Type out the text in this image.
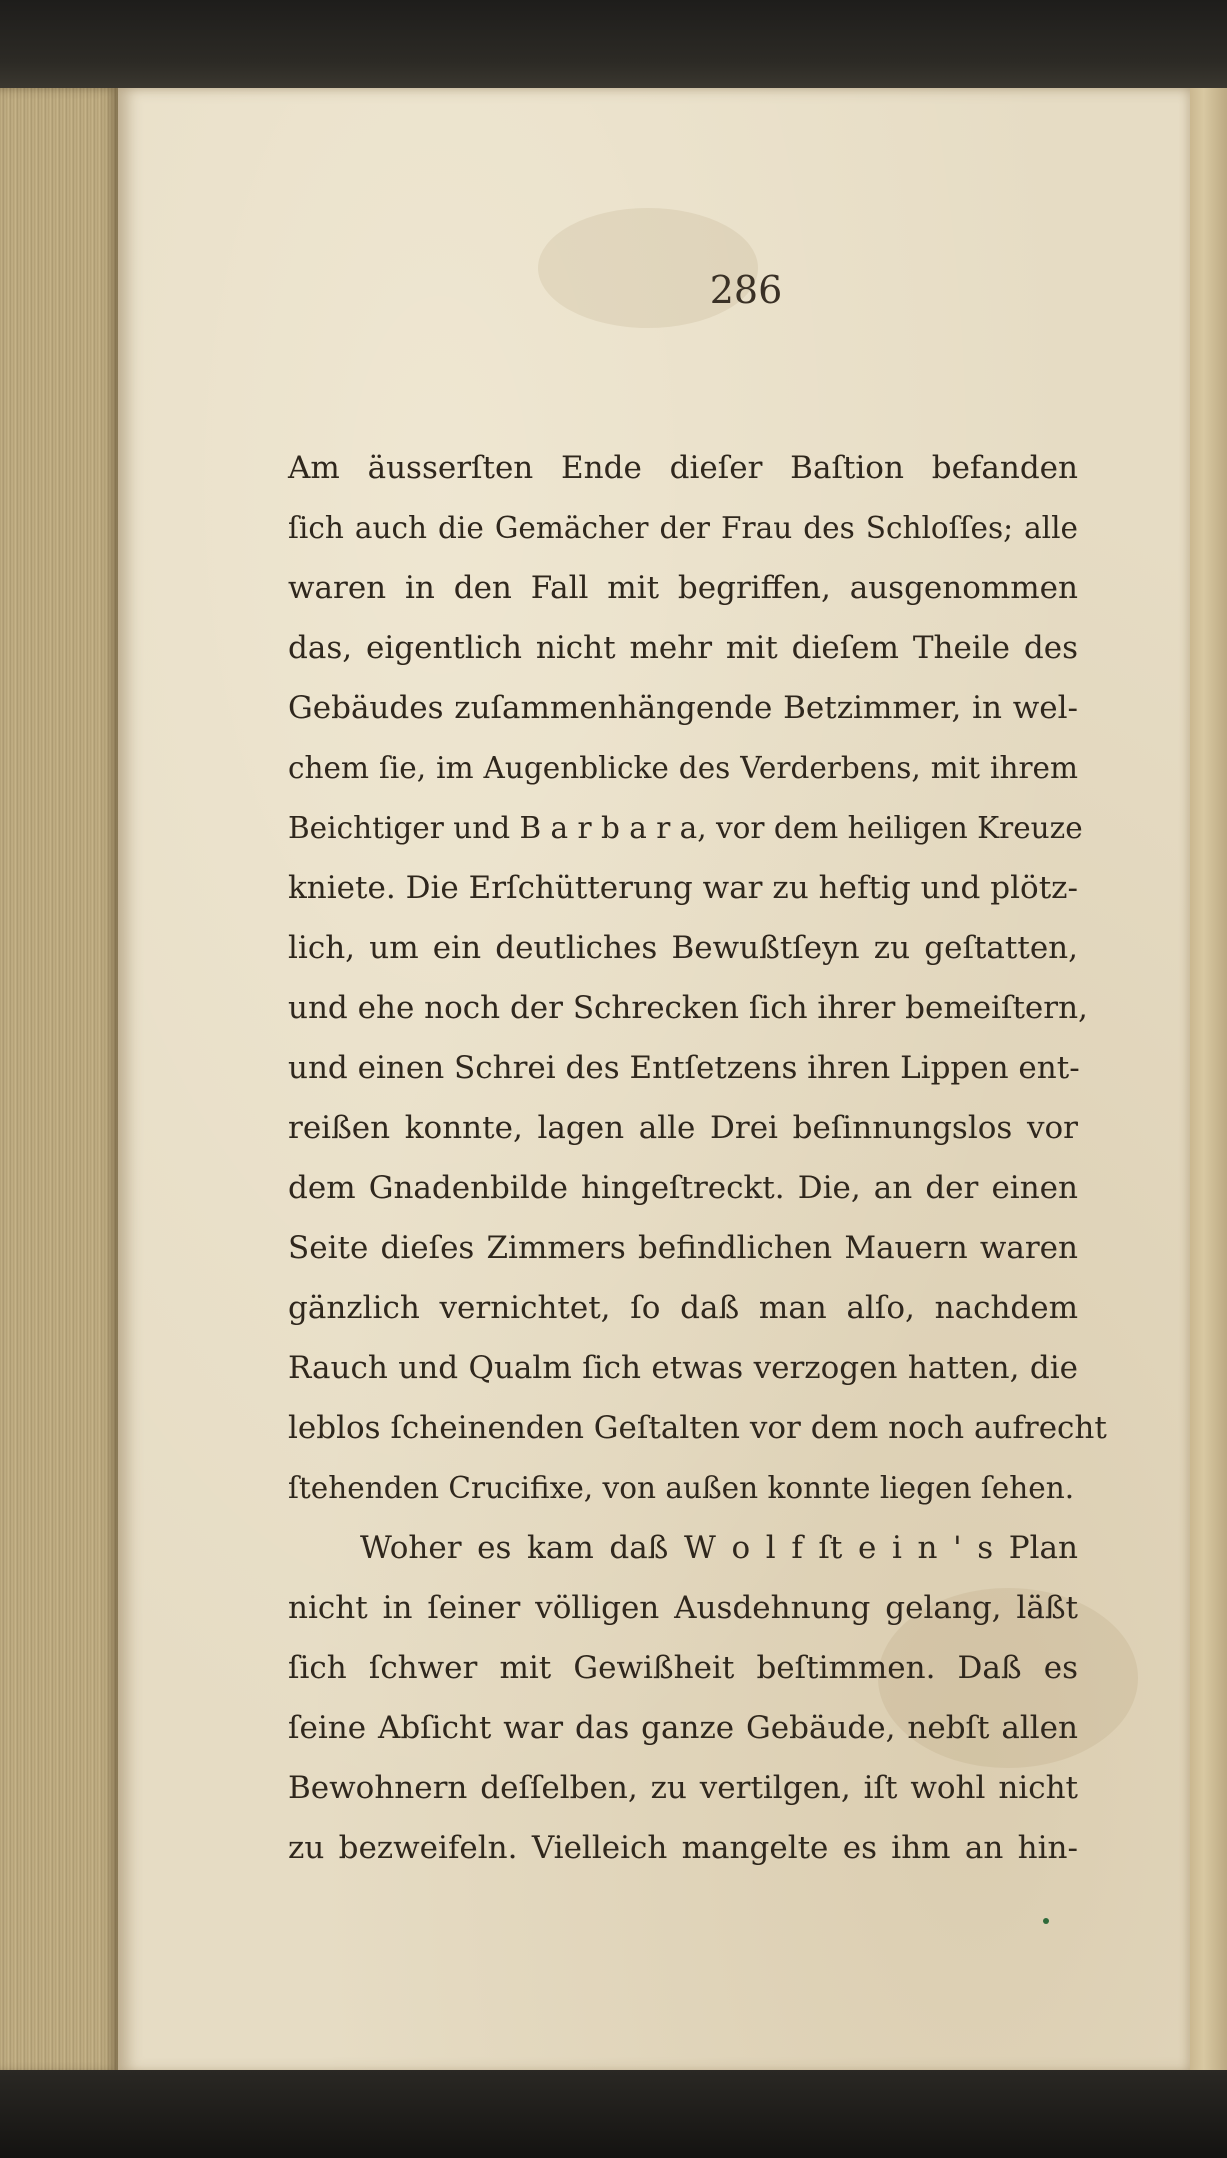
286
Am äusserſten Ende dieſer Baſtion befanden
ſich auch die Gemächer der Frau des Schloſſes; alle
waren in den Fall mit begriffen, ausgenommen
das, eigentlich nicht mehr mit dieſem Theile des
Gebäudes zuſammenhängende Betzimmer, in wel-
chem ſie, im Augenblicke des Verderbens, mit ihrem
Beichtiger und B a r b a r a, vor dem heiligen Kreuze
kniete. Die Erſchütterung war zu heftig und plötz-
lich, um ein deutliches Bewußtſeyn zu geſtatten,
und ehe noch der Schrecken ſich ihrer bemeiſtern,
und einen Schrei des Entſetzens ihren Lippen ent-
reißen konnte, lagen alle Drei beſinnungslos vor
dem Gnadenbilde hingeſtreckt. Die, an der einen
Seite dieſes Zimmers befindlichen Mauern waren
gänzlich vernichtet, ſo daß man alſo, nachdem
Rauch und Qualm ſich etwas verzogen hatten, die
leblos ſcheinenden Geſtalten vor dem noch aufrecht
ſtehenden Crucifixe, von außen konnte liegen ſehen.
Woher es kam daß W o l f ſt e i n ' s Plan
nicht in ſeiner völligen Ausdehnung gelang, läßt
ſich ſchwer mit Gewißheit beſtimmen. Daß es
ſeine Abſicht war das ganze Gebäude, nebſt allen
Bewohnern deſſelben, zu vertilgen, iſt wohl nicht
zu bezweifeln. Vielleich mangelte es ihm an hin-
